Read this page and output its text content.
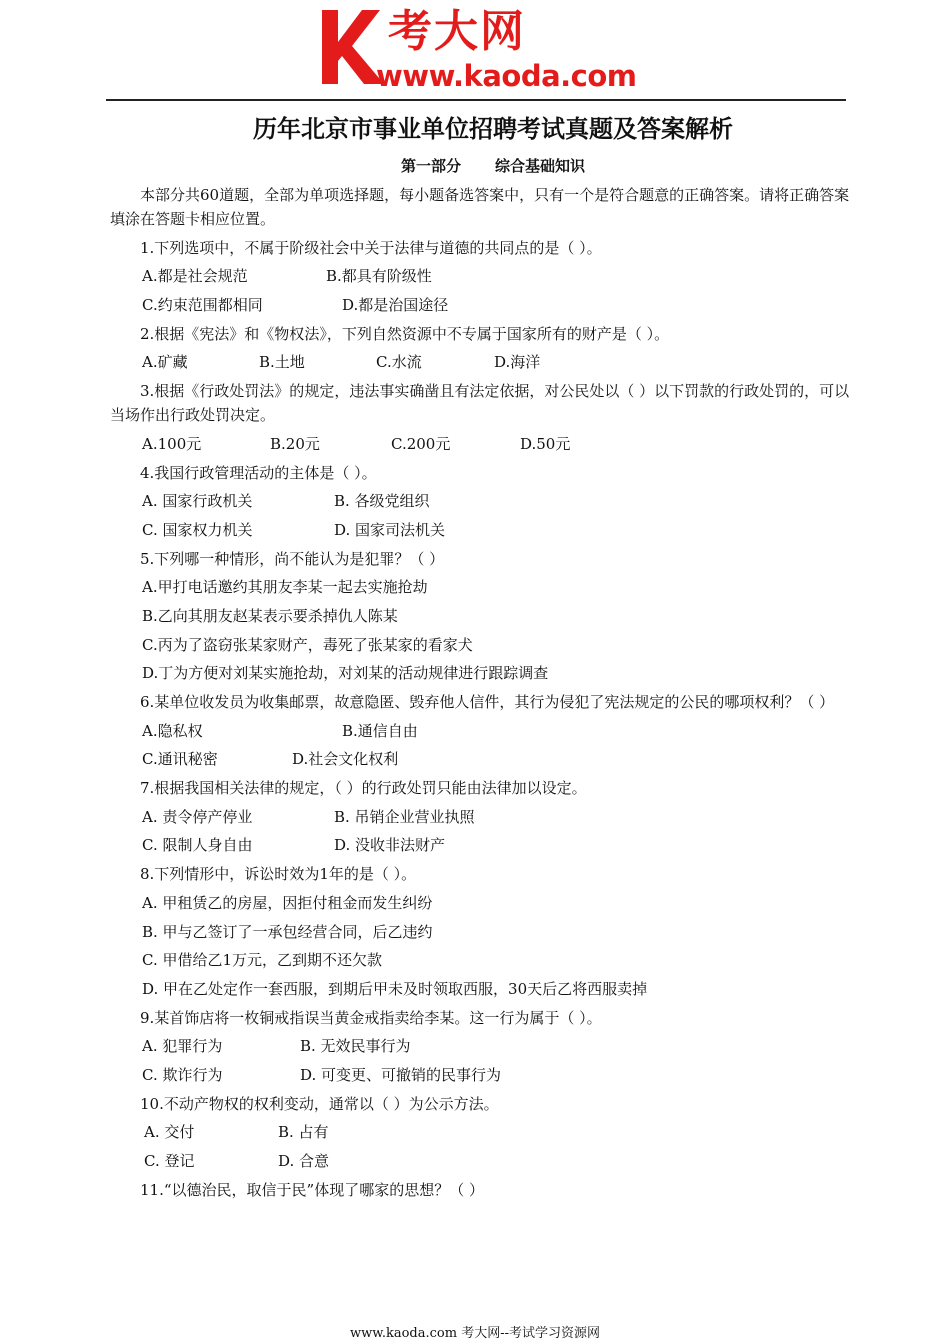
考大网
www.kaoda.com
历年北京市事业单位招聘考试真题及答案解析
第一部分 综合基础知识
本部分共60道题，全部为单项选择题，每小题备选答案中，只有一个是符合题意的正确答案。请将正确答案填涂在答题卡相应位置。
1.下列选项中，不属于阶级社会中关于法律与道德的共同点的是（ ）。
A.都是社会规范	B.都具有阶级性
C.约束范围都相同	D.都是治国途径
2.根据《宪法》和《物权法》，下列自然资源中不专属于国家所有的财产是（ ）。
A.矿藏	B.土地	C.水流	D.海洋
3.根据《行政处罚法》的规定，违法事实确凿且有法定依据，对公民处以（ ）以下罚款的行政处罚的，可以当场作出行政处罚决定。
A.100元	B.20元	C.200元	D.50元
4.我国行政管理活动的主体是（ ）。
A. 国家行政机关	B. 各级党组织
C. 国家权力机关	D. 国家司法机关
5.下列哪一种情形，尚不能认为是犯罪？（ ）
A.甲打电话邀约其朋友李某一起去实施抢劫
B.乙向其朋友赵某表示要杀掉仇人陈某
C.丙为了盗窃张某家财产，毒死了张某家的看家犬
D.丁为方便对刘某实施抢劫，对刘某的活动规律进行跟踪调查
6.某单位收发员为收集邮票，故意隐匿、毁弃他人信件，其行为侵犯了宪法规定的公民的哪项权利？（ ）
A.隐私权	B.通信自由
C.通讯秘密	D.社会文化权利
7.根据我国相关法律的规定，（ ）的行政处罚只能由法律加以设定。
A. 责令停产停业	B. 吊销企业营业执照
C. 限制人身自由	D. 没收非法财产
8.下列情形中，诉讼时效为1年的是（ ）。
A. 甲租赁乙的房屋，因拒付租金而发生纠纷
B. 甲与乙签订了一承包经营合同，后乙违约
C. 甲借给乙1万元，乙到期不还欠款
D. 甲在乙处定作一套西服，到期后甲未及时领取西服，30天后乙将西服卖掉
9.某首饰店将一枚铜戒指误当黄金戒指卖给李某。这一行为属于（ ）。
A. 犯罪行为	B. 无效民事行为
C. 欺诈行为	D. 可变更、可撤销的民事行为
10.不动产物权的权利变动，通常以（ ）为公示方法。
A. 交付	B. 占有
C. 登记	D. 合意
11.“以德治民，取信于民”体现了哪家的思想？（ ）
www.kaoda.com 考大网--考试学习资源网
